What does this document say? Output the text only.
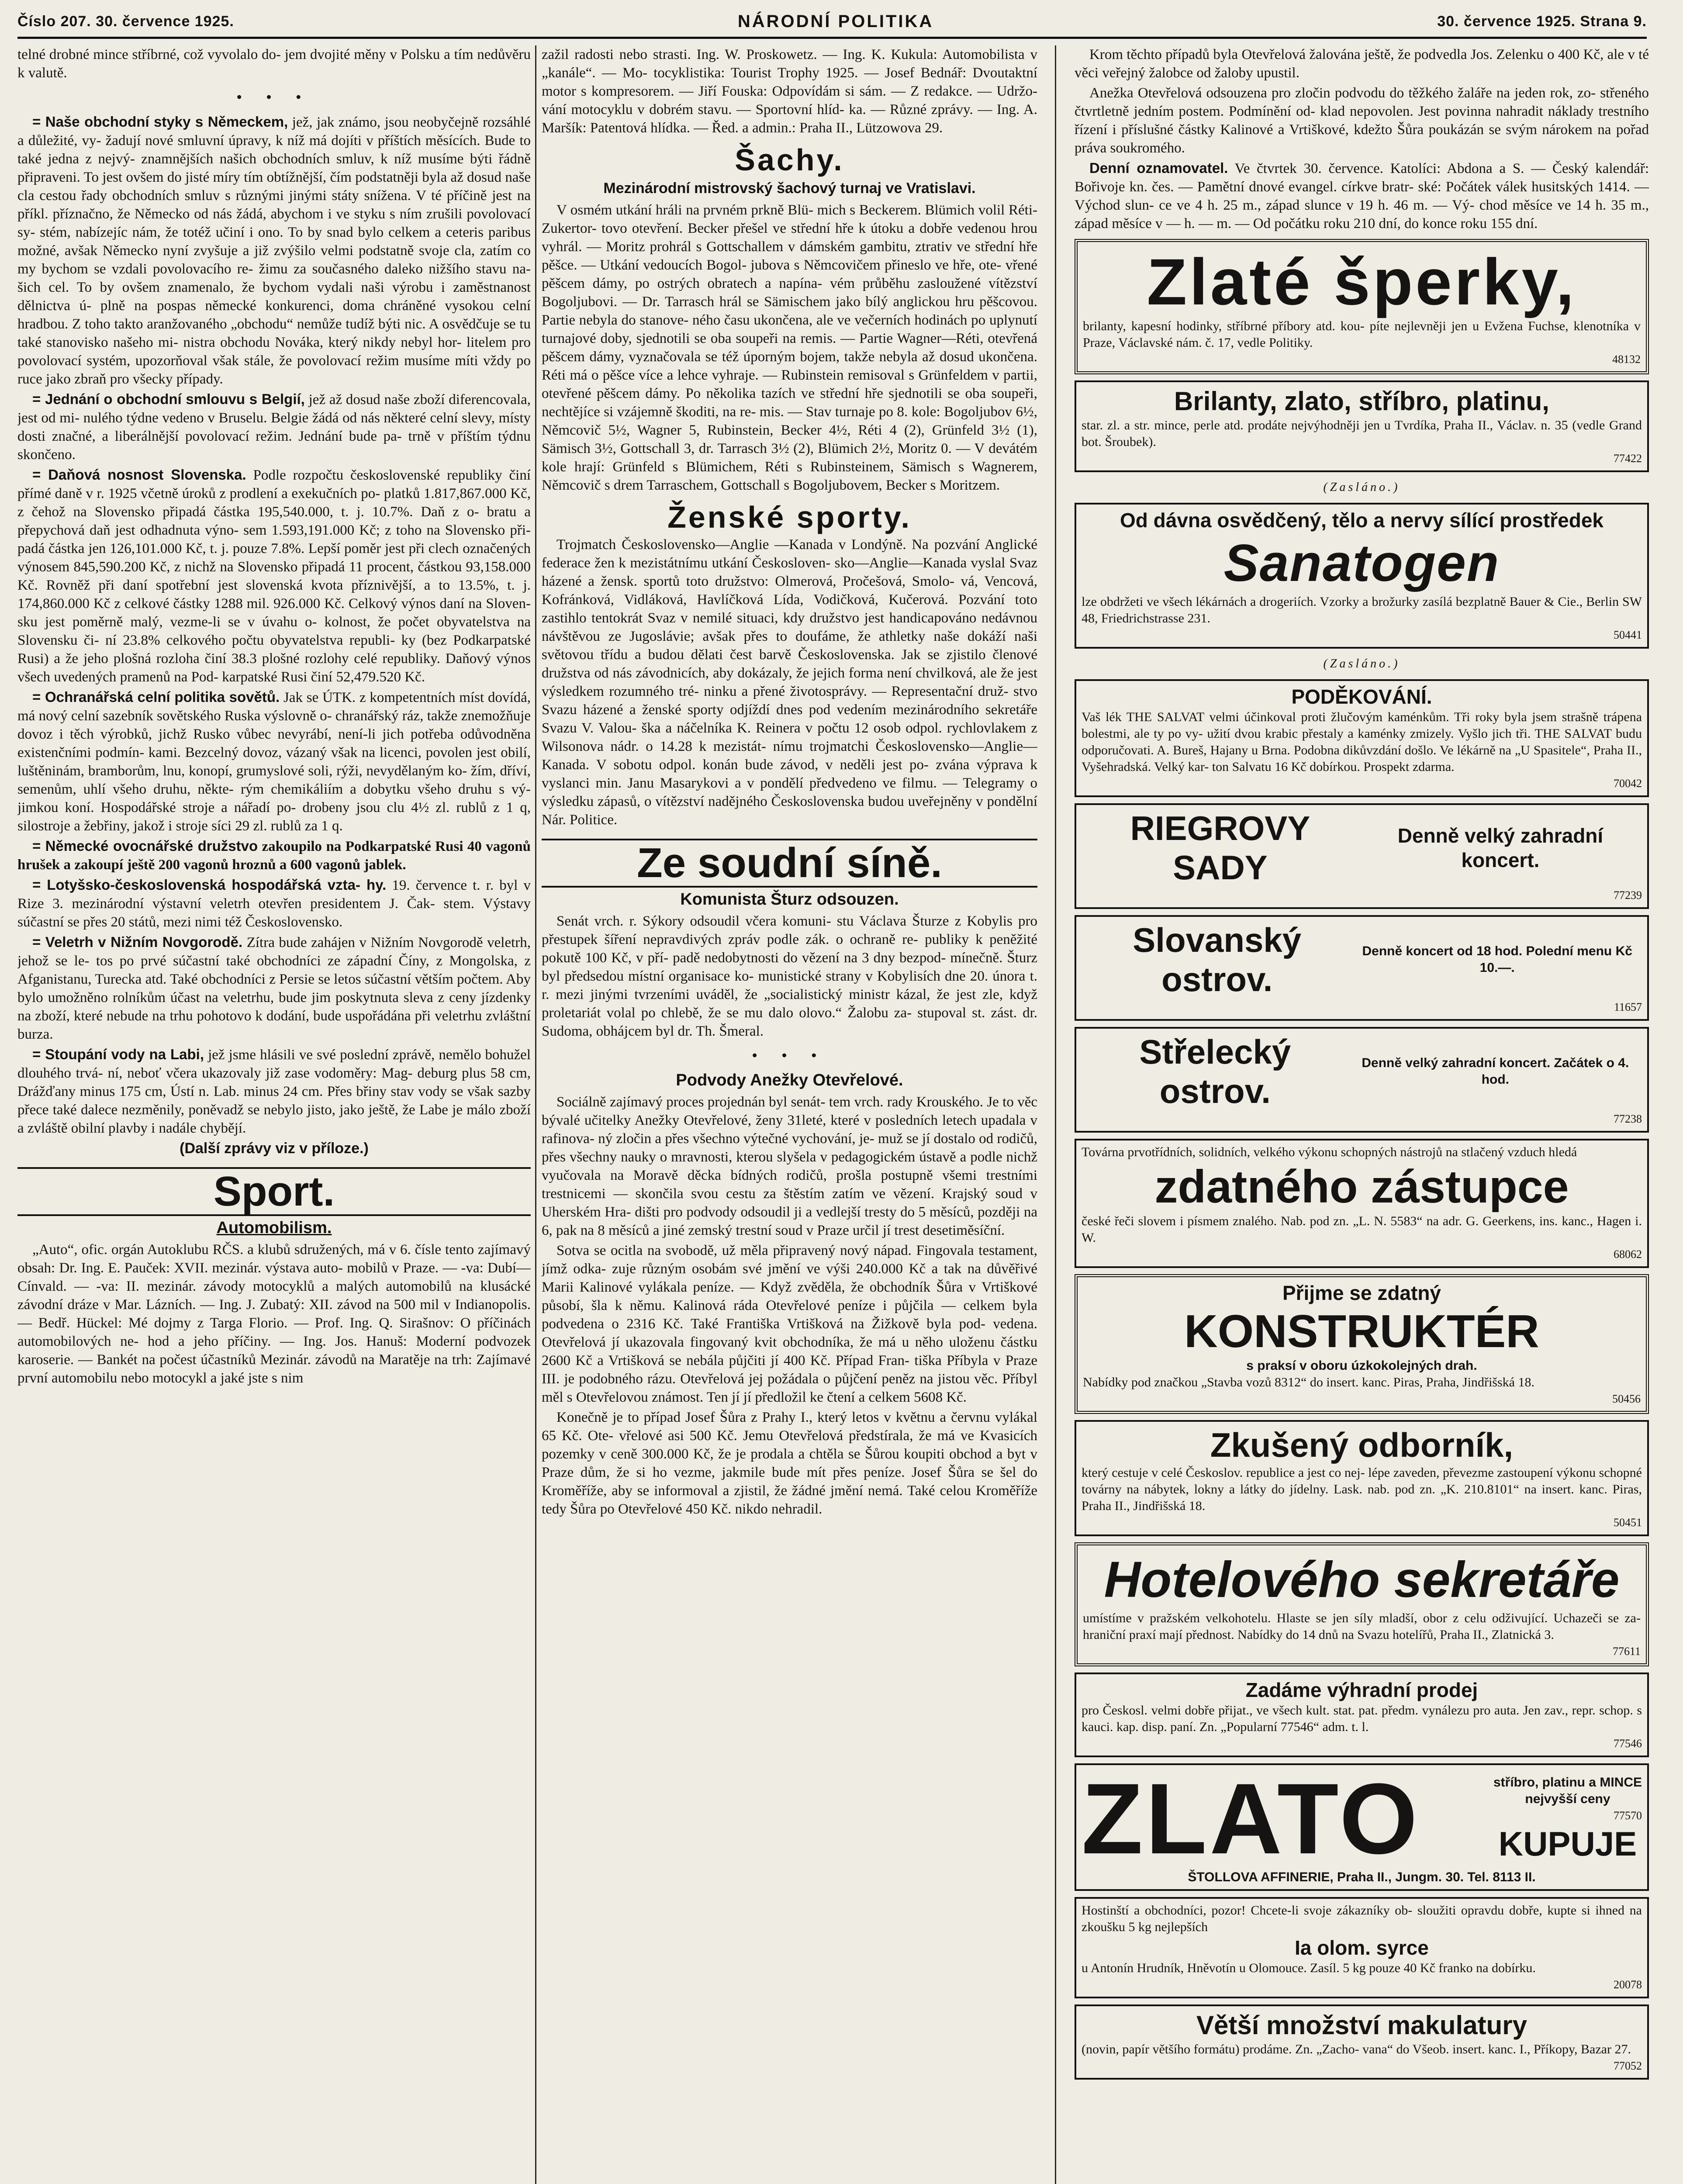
Číslo 207. 30. července 1925.	NÁRODNÍ POLITIKA	30. července 1925. Strana 9.

telné drobné mince stříbrné, což vyvolalo do- jem dvojité měny v Polsku a tím nedůvěru k valutě.

• • •

= Naše obchodní styky s Německem, jež, jak známo, jsou neobyčejně rozsáhlé a důležité, vy- žadují nové smluvní úpravy, k níž má dojíti v příštích měsících. Bude to také jedna z nejvý- znamnějších našich obchodních smluv, k níž musíme býti řádně připraveni. To jest ovšem do jisté míry tím obtížnější, čím podstatněji byla až dosud naše cla cestou řady obchodních smluv s různými jinými státy snížena. V té příčině jest na příkl. příznačno, že Německo od nás žádá, abychom i ve styku s ním zrušili povolovací sy- stém, nabízejíc nám, že totéž učiní i ono. To by snad bylo celkem a ceteris paribus možné, avšak Německo nyní zvyšuje a již zvýšilo velmi podstatně svoje cla, zatím co my bychom se vzdali povolovacího re- žimu za současného daleko nižšího stavu na- šich cel. To by ovšem znamenalo, že bychom vydali naši výrobu i zaměstnanost dělnictva ú- plně na pospas německé konkurenci, doma chráněné vysokou celní hradbou. Z toho takto aranžovaného „obchodu“ nemůže tudíž býti nic. A osvědčuje se tu také stanovisko našeho mi- nistra obchodu Nováka, který nikdy nebyl hor- litelem pro povolovací systém, upozorňoval však stále, že povolovací režim musíme míti vždy po ruce jako zbraň pro všecky případy.

= Jednání o obchodní smlouvu s Belgií, jež až dosud naše zboží diferencovala, jest od mi- nulého týdne vedeno v Bruselu. Belgie žádá od nás některé celní slevy, místy dosti značné, a liberálnější povolovací režim. Jednání bude pa- trně v příštím týdnu skončeno.

= Daňová nosnost Slovenska. Podle rozpočtu československé republiky činí přímé daně v r. 1925 včetně úroků z prodlení a exekučních po- platků 1.817,867.000 Kč, z čehož na Slovensko připadá částka 195,540.000, t. j. 10.7%. Daň z o- bratu a přepychová daň jest odhadnuta výno- sem 1.593,191.000 Kč; z toho na Slovensko při- padá částka jen 126,101.000 Kč, t. j. pouze 7.8%. Lepší poměr jest při clech označených výnosem 845,590.200 Kč, z nichž na Slovensko připadá 11 procent, částkou 93,158.000 Kč. Rovněž při daní spotřební jest slovenská kvota příznivější, a to 13.5%, t. j. 174,860.000 Kč z celkové částky 1288 mil. 926.000 Kč. Celkový výnos daní na Sloven- sku jest poměrně malý, vezme-li se v úvahu o- kolnost, že počet obyvatelstva na Slovensku či- ní 23.8% celkového počtu obyvatelstva republi- ky (bez Podkarpatské Rusi) a že jeho plošná rozloha činí 38.3 plošné rozlohy celé republiky. Daňový výnos všech uvedených pramenů na Pod- karpatské Rusi činí 52,479.520 Kč.

= Ochranářská celní politika sovětů. Jak se ÚTK. z kompetentních míst dovídá, má nový celní sazebník sovětského Ruska výslovně o- chranářský ráz, takže znemožňuje dovoz i těch výrobků, jichž Rusko vůbec nevyrábí, není-li jich potřeba odůvodněna existenčními podmín- kami. Bezcelný dovoz, vázaný však na licenci, povolen jest obilí, luštěninám, bramborům, lnu, konopí, grumyslové soli, rýži, nevydělaným ko- žím, dříví, semenům, uhlí všeho druhu, někte- rým chemikáliím a dobytku všeho druhu s vý- jimkou koní. Hospodářské stroje a nářadí po- drobeny jsou clu 4½ zl. rublů z 1 q, silostroje a žebřiny, jakož i stroje síci 29 zl. rublů za 1 q.

= Německé ovocnářské družstvo zakoupilo na Podkarpatské Rusi 40 vagonů hrušek a zakoupí ještě 200 vagonů hroznů a 600 vagonů jablek.

= Lotyšsko-československá hospodářská vzta- hy. 19. července t. r. byl v Rize 3. mezinárodní výstavní veletrh otevřen presidentem J. Čak- stem. Výstavy súčastní se přes 20 států, mezi nimi též Československo.

= Veletrh v Nižním Novgorodě. Zítra bude zahájen v Nižním Novgorodě veletrh, jehož se le- tos po prvé súčastní také obchodníci ze západní Číny, z Mongolska, z Afganistanu, Turecka atd. Také obchodníci z Persie se letos súčastní větším počtem. Aby bylo umožněno rolníkům účast na veletrhu, bude jim poskytnuta sleva z ceny jízdenky na zboží, které nebude na trhu pohotovo k dodání, bude uspořádána při veletrhu zvláštní burza.

= Stoupání vody na Labi, jež jsme hlásili ve své poslední zprávě, nemělo bohužel dlouhého trvá- ní, neboť včera ukazovaly již zase vodoměry: Mag- deburg plus 58 cm, Drážďany minus 175 cm, Ústí n. Lab. minus 24 cm. Přes břiny stav vody se však sazby přece také dalece nezměnily, poněvadž se nebylo jisto, jako ještě, že Labe je málo zboží a zvláště obilní plavby i nadále chybějí.

(Další zprávy viz v příloze.)
Sport.
Automobilism.

„Auto“, ofic. orgán Autoklubu RČS. a klubů sdružených, má v 6. čísle tento zajímavý obsah: Dr. Ing. E. Pauček: XVII. mezinár. výstava auto- mobilů v Praze. — -va: Dubí—Cínvald. — -va: II. mezinár. závody motocyklů a malých automobilů na klusácké závodní dráze v Mar. Lázních. — Ing. J. Zubatý: XII. závod na 500 mil v Indianopolis. — Bedř. Hückel: Mé dojmy z Targa Florio. — Prof. Ing. Q. Sirašnov: O příčinách automobilových ne- hod a jeho příčiny. — Ing. Jos. Hanuš: Moderní podvozek karoserie. — Bankét na počest účastníků Mezinár. závodů na Maratěje na trh: Zajímavé první automobilu nebo motocykl a jaké jste s nim

zažil radosti nebo strasti. Ing. W. Proskowetz. — Ing. K. Kukula: Automobilista v „kanále“. — Mo- tocyklistika: Tourist Trophy 1925. — Josef Bednář: Dvoutaktní motor s kompresorem. — Jiří Fouska: Odpovídám si sám. — Z redakce. — Udržo- vání motocyklu v dobrém stavu. — Sportovní hlíd- ka. — Různé zprávy. — Ing. A. Maršík: Patentová hlídka. — Řed. a admin.: Praha II., Lützowova 29.

Šachy.
Mezinárodní mistrovský šachový turnaj ve Vratislavi.

V osmém utkání hráli na prvném prkně Blü- mich s Beckerem. Blümich volil Réti-Zukertor- tovo otevření. Becker přešel ve střední hře k útoku a dobře vedenou hrou vyhrál. — Moritz prohrál s Gottschallem v dámském gambitu, ztrativ ve střední hře pěšce. — Utkání vedoucích Bogol- jubova s Němcovičem přineslo ve hře, ote- vřené pěšcem dámy, po ostrých obratech a napína- vém průběhu zasloužené vítězství Bogoljubovi. — Dr. Tarrasch hrál se Sämischem jako bílý anglickou hru pěšcovou. Partie nebyla do stanove- ného času ukončena, ale ve večerních hodinách po uplynutí turnajové doby, sjednotili se oba soupeři na remis. — Partie Wagner—Réti, otevřená pěšcem dámy, vyznačovala se též úporným bojem, takže nebyla až dosud ukončena. Réti má o pěšce více a lehce vyhraje. — Rubinstein remisoval s Grünfeldem v partii, otevřené pěšcem dámy. Po několika tazích ve střední hře sjednotili se oba soupeři, nechtějíce si vzájemně škoditi, na re- mis. — Stav turnaje po 8. kole: Bogoljubov 6½, Němcovič 5½, Wagner 5, Rubinstein, Becker 4½, Réti 4 (2), Grünfeld 3½ (1), Sämisch 3½, Gottschall 3, dr. Tarrasch 3½ (2), Blümich 2½, Moritz 0. — V devátém kole hrají: Grünfeld s Blümichem, Réti s Rubinsteinem, Sämisch s Wagnerem, Němcovič s drem Tarraschem, Gottschall s Bogoljubovem, Becker s Moritzem.

Ženské sporty.

Trojmatch Československo—Anglie —Kanada v Londýně. Na pozvání Anglické federace žen k mezistátnímu utkání Českosloven- sko—Anglie—Kanada vyslal Svaz házené a žensk. sportů toto družstvo: Olmerová, Pročešová, Smolo- vá, Vencová, Kofránková, Vidláková, Havlíčková Lída, Vodičková, Kučerová. Pozvání toto zastihlo tentokrát Svaz v nemilé situaci, kdy družstvo jest handicapováno nedávnou návštěvou ze Jugoslávie; avšak přes to doufáme, že athletky naše dokáží naši světovou třídu a budou dělati čest barvě Československa. Jak se zjistilo členové družstva od nás závodnicích, aby dokázaly, že jejich forma není chvilková, ale že jest výsledkem rozumného tré- ninku a přené životosprávy. — Representační druž- stvo Svazu házené a ženské sporty odjíždí dnes pod vedením mezinárodního sekretáře Svazu V. Valou- ška a náčelníka K. Reinera v počtu 12 osob odpol. rychlovlakem z Wilsonova nádr. o 14.28 k mezistát- nímu trojmatchi Československo—Anglie—Kanada. V sobotu odpol. konán bude závod, v neděli jest po- zvána výprava k vyslanci min. Janu Masarykovi a v pondělí předvedeno ve filmu. — Telegramy o výsledku zápasů, o vítězství nadějného Československa budou uveřejněny v pondělní Nár. Politice.

Ze soudní síně.
Komunista Šturz odsouzen.

Senát vrch. r. Sýkory odsoudil včera komuni- stu Václava Šturze z Kobylis pro přestupek šíření nepravdivých zpráv podle zák. o ochraně re- publiky k peněžité pokutě 100 Kč, v pří- padě nedobytnosti do vězení na 3 dny bezpod- mínečně. Šturz byl předsedou místní organisace ko- munistické strany v Kobylisích dne 20. února t. r. mezi jinými tvrzeními uváděl, že „socialistický ministr kázal, že jest zle, když proletariát volal po chlebě, že se mu dalo olovo.“ Žalobu za- stupoval st. zást. dr. Sudoma, obhájcem byl dr. Th. Šmeral.

• • •
Podvody Anežky Otevřelové.

Sociálně zajímavý proces projednán byl senát- tem vrch. rady Krouského. Je to věc bývalé učitelky Anežky Otevřelové, ženy 31leté, které v posledních letech upadala v rafinova- ný zločin a přes všechno výtečné vychování, je- muž se jí dostalo od rodičů, přes všechny nauky o mravnosti, kterou slyšela v pedagogickém ústavě a podle nichž vyučovala na Moravě děcka bídných rodičů, prošla postupně všemi trestními trestnicemi — skončila svou cestu za štěstím zatím ve vězení. Krajský soud v Uherském Hra- dišti pro podvody odsoudil ji a vedlejší tresty do 5 měsíců, později na 6, pak na 8 měsíců a jiné zemský trestní soud v Praze určil jí trest desetiměsíční.

Sotva se ocitla na svobodě, už měla připravený nový nápad. Fingovala testament, jímž odka- zuje různým osobám své jmění ve výši 240.000 Kč a tak na důvěřivé Marii Kalinové vylákala peníze. — Když zvěděla, že obchodník Šůra v Vrtiškové působí, šla k němu. Kalinová ráda Otevřelové peníze i půjčila — celkem byla podvedena o 2316 Kč. Také Františka Vrtišková na Žižkově byla pod- vedena. Otevřelová jí ukazovala fingovaný kvit obchodníka, že má u něho uloženu částku 2600 Kč a Vrtišková se nebála půjčiti jí 400 Kč. Případ Fran- tiška Příbyla v Praze III. je podobného rázu. Otevřelová jej požádala o půjčení peněz na jistou věc. Příbyl měl s Otevřelovou známost. Ten jí jí předložil ke čtení a celkem 5608 Kč.

Konečně je to případ Josef Šůra z Prahy I., který letos v květnu a červnu vylákal 65 Kč. Ote- vřelové asi 500 Kč. Jemu Otevřelová předstírala, že má ve Kvasicích pozemky v ceně 300.000 Kč, že je prodala a chtěla se Šůrou koupiti obchod a byt v Praze dům, že si ho vezme, jakmile bude mít přes peníze. Josef Šůra se šel do Kroměříže, aby se informoval a zjistil, že žádné jmění nemá. Také celou Kroměříže tedy Šůra po Otevřelové 450 Kč. nikdo nehradil.

Krom těchto případů byla Otevřelová žalována ještě, že podvedla Jos. Zelenku o 400 Kč, ale v té věci veřejný žalobce od žaloby upustil.

Anežka Otevřelová odsouzena pro zločin podvodu do těžkého žaláře na jeden rok, zo- střeného čtvrtletně jedním postem. Podmínění od- klad nepovolen. Jest povinna nahradit náklady trestního řízení i příslušné částky Kalinové a Vrtiškové, kdežto Šůra poukázán se svým nárokem na pořad práva soukromého.

Denní oznamovatel. Ve čtvrtek 30. července. Katolíci: Abdona a S. — Český kalendář: Bořivoje kn. čes. — Pamětní dnové evangel. církve bratr- ské: Počátek válek husitských 1414. — Východ slun- ce ve 4 h. 25 m., západ slunce v 19 h. 46 m. — Vý- chod měsíce ve 14 h. 35 m., západ měsíce v — h. — m. — Od počátku roku 210 dní, do konce roku 155 dní.

Zlaté šperky,
brilanty, kapesní hodinky, stříbrné příbory atd. kou- píte nejlevněji jen u Evžena Fuchse, klenotníka v Praze, Václavské nám. č. 17, vedle Politiky.
48132
Brilanty, zlato, stříbro, platinu,
star. zl. a str. mince, perle atd. prodáte nejvýhodněji jen u Tvrdíka, Praha II., Václav. n. 35 (vedle Grand bot. Šroubek).
77422
(Zasláno.)
Od dávna osvědčený, tělo a nervy sílící prostředek
Sanatogen
lze obdržeti ve všech lékárnách a drogeriích. Vzorky a brožurky zasílá bezplatně Bauer & Cie., Berlin SW 48, Friedrichstrasse 231.
50441
(Zasláno.)
PODĚKOVÁNÍ.
Vaš lék THE SALVAT velmi účinkoval proti žlučovým kaménkům. Tři roky byla jsem strašně trápena bolestmi, ale ty po vy- užití dvou krabic přestaly a kaménky zmizely. Vyšlo jich tři. THE SALVAT budu odporučovati. A. Bureš, Hajany u Brna. Podobna dikůvzdání došlo. Ve lékárně na „U Spasitele“, Praha II., Vyšehradská. Velký kar- ton Salvatu 16 Kč dobírkou. Prospekt zdarma.
70042
RIEGROVY SADY
Denně velký zahradní koncert.
77239
Slovanský ostrov.
Denně koncert od 18 hod. Polední menu Kč 10.—.
11657
Střelecký ostrov.
Denně velký zahradní koncert. Začátek o 4. hod.
77238
Továrna prvotřídních, solidních, velkého výkonu schopných nástrojů na stlačený vzduch hledá
zdatného zástupce
české řeči slovem i písmem znalého. Nab. pod zn. „L. N. 5583“ na adr. G. Geerkens, ins. kanc., Hagen i. W.
68062
Přijme se zdatný
KONSTRUKTÉR
s praksí v oboru úzkokolejných drah.
Nabídky pod značkou „Stavba vozů 8312“ do insert. kanc. Piras, Praha, Jindřišská 18.
50456
Zkušený odborník,
který cestuje v celé Českoslov. republice a jest co nej- lépe zaveden, převezme zastoupení výkonu schopné továrny na nábytek, lokny a látky do jídelny. Lask. nab. pod zn. „K. 210.8101“ na insert. kanc. Piras, Praha II., Jindřišská 18.
50451
Hotelového sekretáře
umístíme v pražském velkohotelu. Hlaste se jen síly mladší, obor z celu odživující. Uchazeči se za- hraniční praxí mají přednost. Nabídky do 14 dnů na Svazu hotelířů, Praha II., Zlatnická 3.
77611
Zadáme výhradní prodej
pro Českosl. velmi dobře přijat., ve všech kult. stat. pat. předm. vynálezu pro auta. Jen zav., repr. schop. s kauci. kap. disp. paní. Zn. „Popularní 77546“ adm. t. l.
77546
ZLATO	stříbro, platinu a MINCE
nejvyšší ceny
77570
KUPUJE
ŠTOLLOVA AFFINERIE, Praha II., Jungm. 30. Tel. 8113 II.
Hostinští a obchodníci, pozor! Chcete-li svoje zákazníky ob- sloužiti opravdu dobře, kupte si ihned na zkoušku 5 kg nejlepších
Ia olom. syrce
u Antonín Hrudník, Hněvotín u Olomouce. Zasíl. 5 kg pouze 40 Kč franko na dobírku.
20078
Větší množství makulatury
(novin, papír většího formátu) prodáme. Zn. „Zacho- vana“ do Všeob. insert. kanc. I., Příkopy, Bazar 27.
77052
